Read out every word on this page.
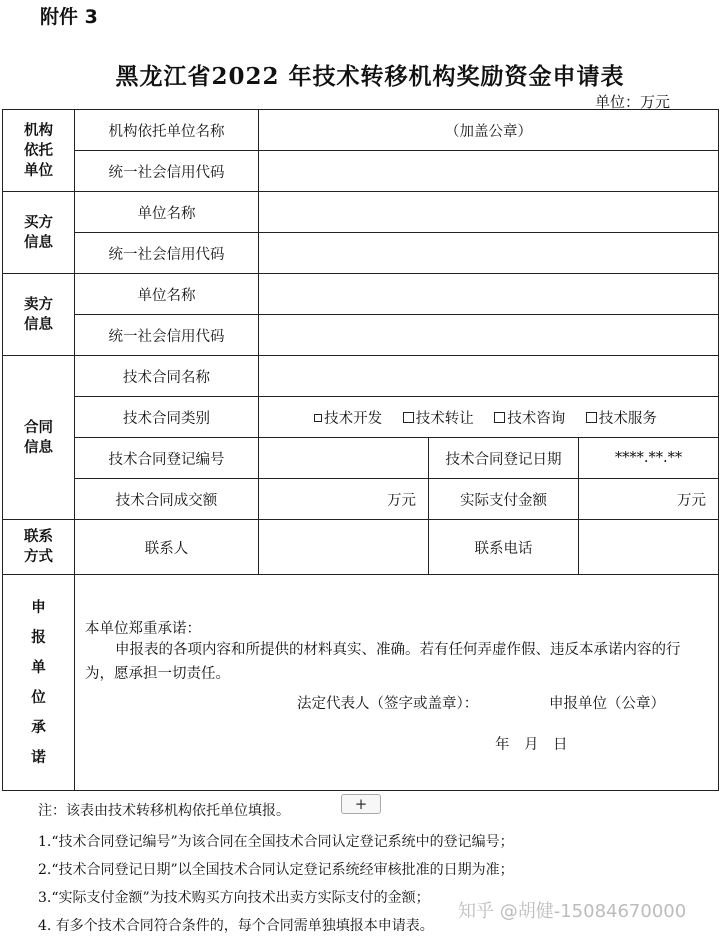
附件 3
黑龙江省2022 年技术转移机构奖励资金申请表
单位：万元
机构依托单位	机构依托单位名称	（加盖公章）		
	统一社会信用代码			
买方信息	单位名称			
	统一社会信用代码			
卖方信息	单位名称			
	统一社会信用代码			
合同信息	技术合同名称			
	技术合同类别	技术开发 技术转让 技术咨询 技术服务		
	技术合同登记编号		技术合同登记日期	****.**.**
	技术合同成交额	万元	实际支付金额	万元
联系方式	联系人		联系电话	
申报单位承诺	本单位郑重承诺：
申报表的各项内容和所提供的材料真实、准确。若有任何弄虚作假、违反本承诺内容的行为，愿承担一切责任。
法定代表人（签字或盖章）： 申报单位（公章）
年　月　日			
注：该表由技术转移机构依托单位填报。	+
1.“技术合同登记编号”为该合同在全国技术合同认定登记系统中的登记编号；
2.“技术合同登记日期”以全国技术合同认定登记系统经审核批准的日期为准；
3.“实际支付金额”为技术购买方向技术出卖方实际支付的金额；
4. 有多个技术合同符合条件的，每个合同需单独填报本申请表。
知乎 @胡健-15084670000
